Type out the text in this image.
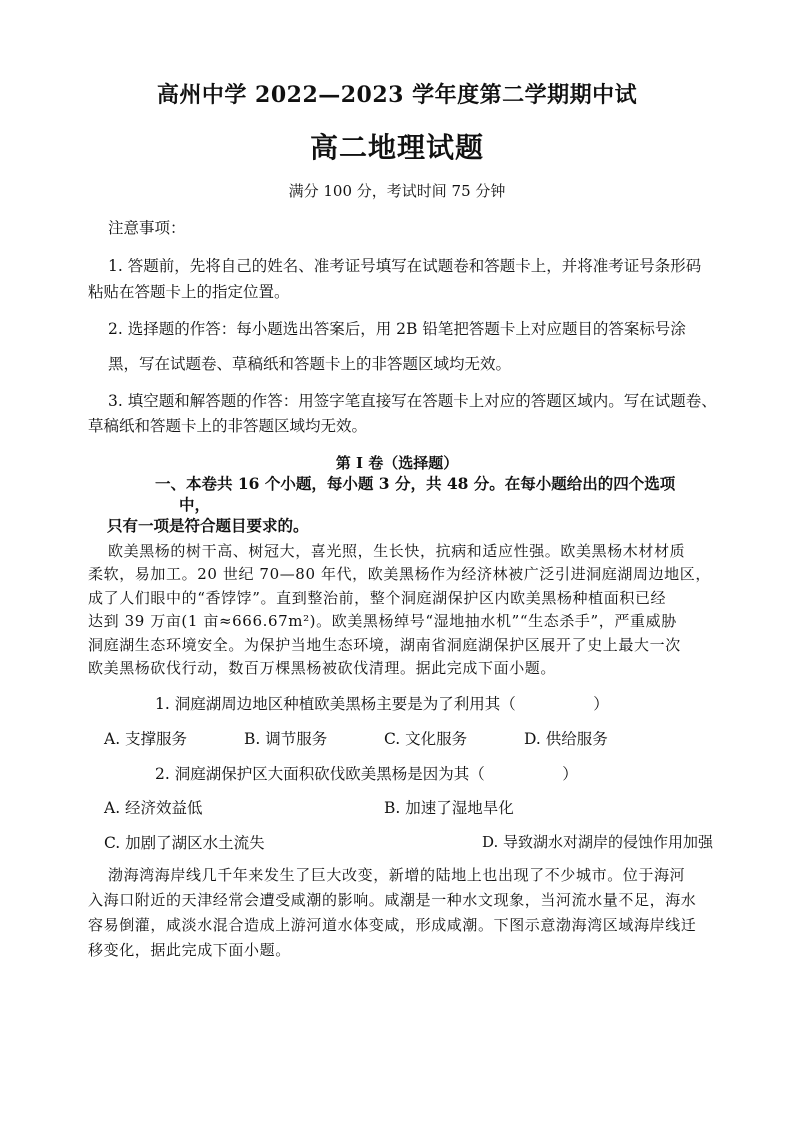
高州中学 2022—2023 学年度第二学期期中试
高二地理试题
满分 100 分，考试时间 75 分钟
注意事项：
1. 答题前，先将自己的姓名、准考证号填写在试题卷和答题卡上，并将准考证号条形码
粘贴在答题卡上的指定位置。
2. 选择题的作答：每小题选出答案后，用 2B 铅笔把答题卡上对应题目的答案标号涂
黑，写在试题卷、草稿纸和答题卡上的非答题区域均无效。
3. 填空题和解答题的作答：用签字笔直接写在答题卡上对应的答题区域内。写在试题卷、
草稿纸和答题卡上的非答题区域均无效。
第 I 卷（选择题）
一、本卷共 16 个小题，每小题 3 分，共 48 分。在每小题给出的四个选项
中，
只有一项是符合题目要求的。
欧美黑杨的树干高、树冠大，喜光照，生长快，抗病和适应性强。欧美黑杨木材材质
柔软，易加工。20 世纪 70—80 年代，欧美黑杨作为经济林被广泛引进洞庭湖周边地区，
成了人们眼中的“香饽饽”。直到整治前，整个洞庭湖保护区内欧美黑杨种植面积已经
达到 39 万亩(1 亩≈666.67m²)。欧美黑杨绰号“湿地抽水机”“生态杀手”，严重威胁
洞庭湖生态环境安全。为保护当地生态环境，湖南省洞庭湖保护区展开了史上最大一次
欧美黑杨砍伐行动，数百万棵黑杨被砍伐清理。据此完成下面小题。
1. 洞庭湖周边地区种植欧美黑杨主要是为了利用其（　　　　　）
A. 支撑服务	B. 调节服务	C. 文化服务	D. 供给服务
2. 洞庭湖保护区大面积砍伐欧美黑杨是因为其（　　　　　）
A. 经济效益低	B. 加速了湿地旱化
C. 加剧了湖区水土流失	D. 导致湖水对湖岸的侵蚀作用加强
渤海湾海岸线几千年来发生了巨大改变，新增的陆地上也出现了不少城市。位于海河
入海口附近的天津经常会遭受咸潮的影响。咸潮是一种水文现象，当河流水量不足，海水
容易倒灌，咸淡水混合造成上游河道水体变咸，形成咸潮。下图示意渤海湾区域海岸线迁
移变化，据此完成下面小题。
